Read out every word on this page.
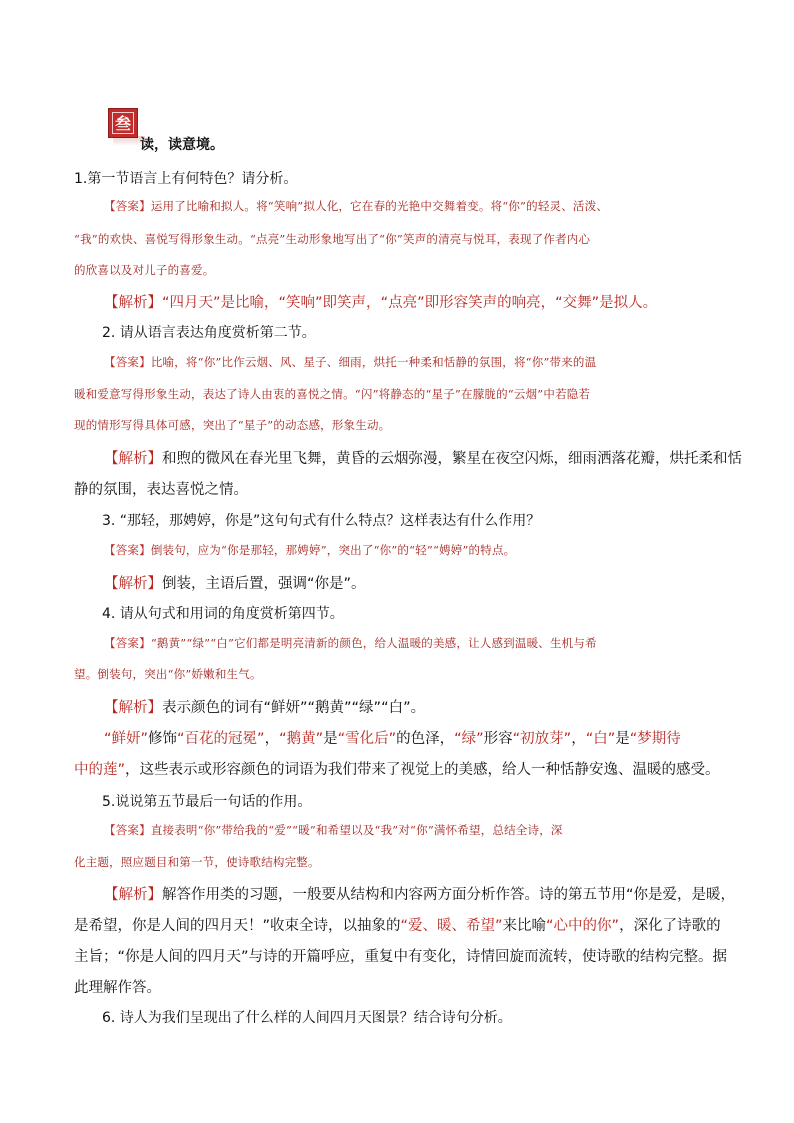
叁
读，读意境。
1.第一节语言上有何特色？请分析。
【答案】运用了比喻和拟人。将“笑响”拟人化，它在春的光艳中交舞着变。将“你”的轻灵、活泼、
“我”的欢快、喜悦写得形象生动。“点亮”生动形象地写出了“你”笑声的清亮与悦耳，表现了作者内心
的欣喜以及对儿子的喜爱。
【解析】“四月天”是比喻，“笑响”即笑声，“点亮”即形容笑声的响亮，“交舞”是拟人。
2. 请从语言表达角度赏析第二节。
【答案】比喻，将“你”比作云烟、风、星子、细雨，烘托一种柔和恬静的氛围，将“你”带来的温
暖和爱意写得形象生动，表达了诗人由衷的喜悦之情。“闪”将静态的“星子”在朦胧的“云烟”中若隐若
现的情形写得具体可感，突出了“星子”的动态感，形象生动。
【解析】和煦的微风在春光里飞舞，黄昏的云烟弥漫，繁星在夜空闪烁，细雨洒落花瓣，烘托柔和恬
静的氛围，表达喜悦之情。
3. “那轻，那娉婷，你是”这句句式有什么特点？这样表达有什么作用？
【答案】倒装句，应为“你是那轻，那娉婷”，突出了“你”的“轻”“娉婷”的特点。
【解析】倒装，主语后置，强调“你是”。
4. 请从句式和用词的角度赏析第四节。
【答案】“鹅黄”“绿”“白”它们都是明亮清新的颜色，给人温暖的美感，让人感到温暖、生机与希
望。倒装句，突出“你”娇嫩和生气。
【解析】表示颜色的词有“鲜妍”“鹅黄”“绿”“白”。
“鲜妍”修饰“百花的冠冕”，“鹅黄”是“雪化后”的色泽，“绿”形容“初放芽”，“白”是“梦期待
中的莲”，这些表示或形容颜色的词语为我们带来了视觉上的美感，给人一种恬静安逸、温暖的感受。
5.说说第五节最后一句话的作用。
【答案】直接表明“你”带给我的“爱”“暖”和希望以及“我”对“你”满怀希望，总结全诗，深
化主题，照应题目和第一节，使诗歌结构完整。
【解析】解答作用类的习题，一般要从结构和内容两方面分析作答。诗的第五节用“你是爱，是暖，
是希望，你是人间的四月天！”收束全诗，以抽象的“爱、暖、希望”来比喻“心中的你”，深化了诗歌的
主旨；“你是人间的四月天”与诗的开篇呼应，重复中有变化，诗情回旋而流转，使诗歌的结构完整。据
此理解作答。
6. 诗人为我们呈现出了什么样的人间四月天图景？结合诗句分析。
